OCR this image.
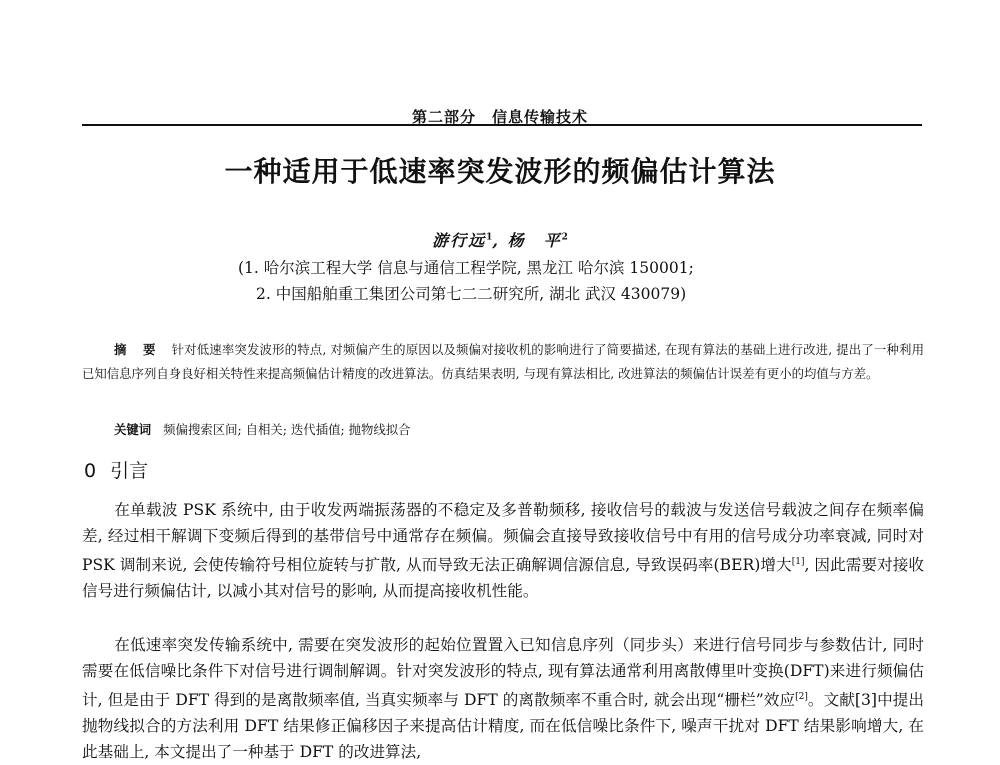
第二部分　信息传输技术
一种适用于低速率突发波形的频偏估计算法
游行远$^1$, 杨　平$^2$
(1. 哈尔滨工程大学 信息与通信工程学院, 黑龙江 哈尔滨 150001;
2. 中国船舶重工集团公司第七二二研究所, 湖北 武汉 430079)
摘 要 针对低速率突发波形的特点, 对频偏产生的原因以及频偏对接收机的影响进行了简要描述, 在现有算法的基础上进行改进, 提出了一种利用已知信息序列自身良好相关特性来提高频偏估计精度的改进算法。仿真结果表明, 与现有算法相比, 改进算法的频偏估计误差有更小的均值与方差。
关键词 频偏搜索区间; 自相关; 迭代插值; 抛物线拟合
0 引言
在单载波 PSK 系统中, 由于收发两端振荡器的不稳定及多普勒频移, 接收信号的载波与发送信号载波之间存在频率偏差, 经过相干解调下变频后得到的基带信号中通常存在频偏。频偏会直接导致接收信号中有用的信号成分功率衰减, 同时对 PSK 调制来说, 会使传输符号相位旋转与扩散, 从而导致无法正确解调信源信息, 导致误码率(BER)增大[1], 因此需要对接收信号进行频偏估计, 以减小其对信号的影响, 从而提高接收机性能。
在低速率突发传输系统中, 需要在突发波形的起始位置置入已知信息序列（同步头）来进行信号同步与参数估计, 同时需要在低信噪比条件下对信号进行调制解调。针对突发波形的特点, 现有算法通常利用离散傅里叶变换(DFT)来进行频偏估计, 但是由于 DFT 得到的是离散频率值, 当真实频率与 DFT 的离散频率不重合时, 就会出现“栅栏”效应[2]。文献[3]中提出抛物线拟合的方法利用 DFT 结果修正偏移因子来提高估计精度, 而在低信噪比条件下, 噪声干扰对 DFT 结果影响增大, 在此基础上, 本文提出了一种基于 DFT 的改进算法,
